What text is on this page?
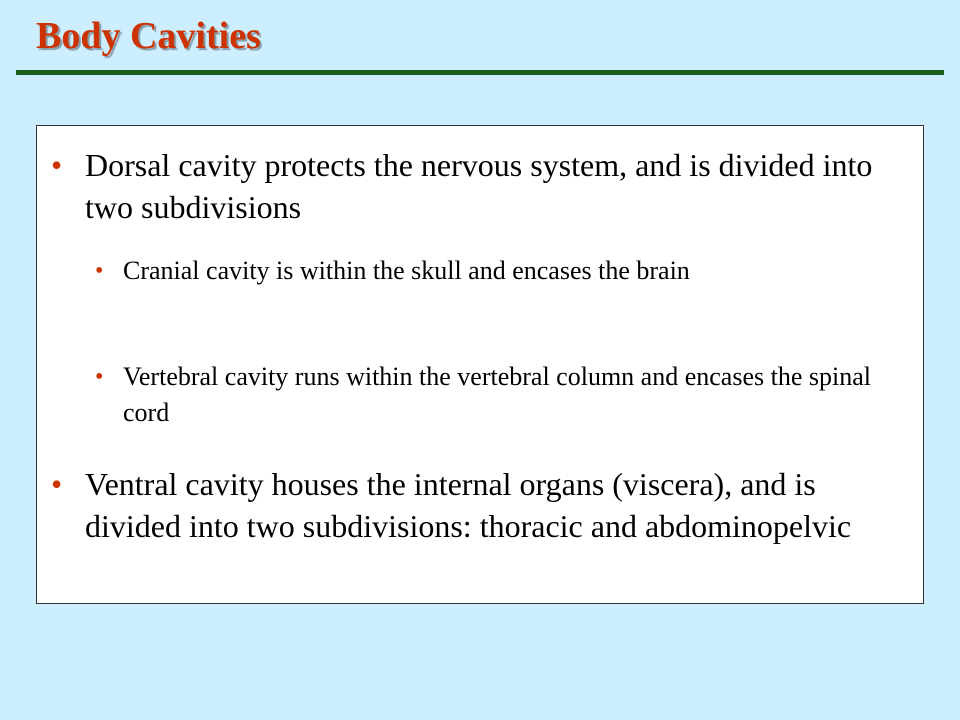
Body Cavities
• Dorsal cavity protects the nervous system, and is divided into two subdivisions
• Cranial cavity is within the skull and encases the brain
• Vertebral cavity runs within the vertebral column and encases the spinal cord
• Ventral cavity houses the internal organs (viscera), and is divided into two subdivisions: thoracic and abdominopelvic
